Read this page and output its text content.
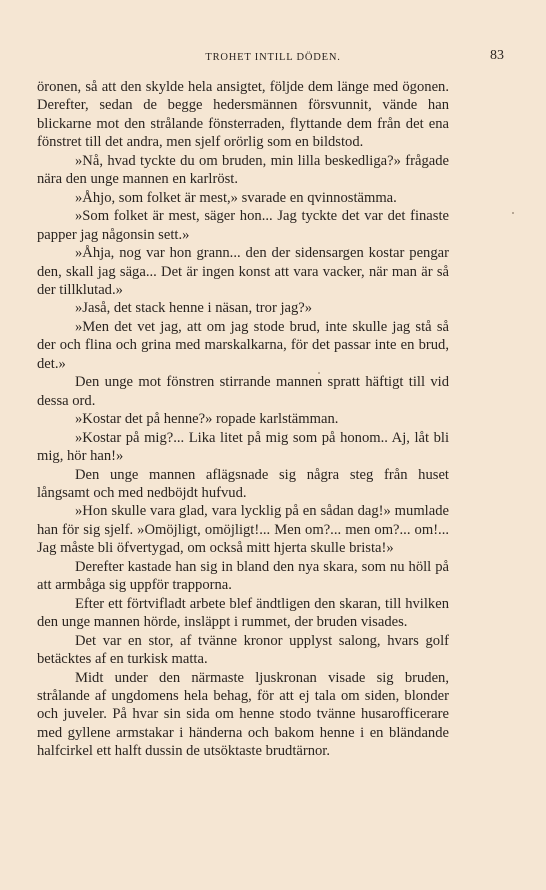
TROHET INTILL DÖDEN.	83

öronen, så att den skylde hela ansigtet, följde dem länge med ögonen. Derefter, sedan de begge hedersmännen försvunnit, vände han blickarne mot den strålande fönsterraden, flyttande dem från det ena fönstret till det andra, men sjelf orörlig som en bildstod.

»Nå, hvad tyckte du om bruden, min lilla beskedliga?» frågade nära den unge mannen en karlröst.

»Åhjo, som folket är mest,» svarade en qvinnostämma.

»Som folket är mest, säger hon... Jag tyckte det var det finaste papper jag någonsin sett.»

»Åhja, nog var hon grann... den der sidensargen kostar pengar den, skall jag säga... Det är ingen konst att vara vacker, när man är så der tillklutad.»

»Jaså, det stack henne i näsan, tror jag?»

»Men det vet jag, att om jag stode brud, inte skulle jag stå så der och flina och grina med marskalkarna, för det passar inte en brud, det.»

Den unge mot fönstren stirrande mannen spratt häftigt till vid dessa ord.

»Kostar det på henne?» ropade karlstämman.

»Kostar på mig?... Lika litet på mig som på honom.. Aj, låt bli mig, hör han!»

Den unge mannen aflägsnade sig några steg från huset långsamt och med nedböjdt hufvud.

»Hon skulle vara glad, vara lycklig på en sådan dag!» mumlade han för sig sjelf. »Omöjligt, omöjligt!... Men om?... men om?... om!... Jag måste bli öfvertygad, om också mitt hjerta skulle brista!»

Derefter kastade han sig in bland den nya skara, som nu höll på att armbåga sig uppför trapporna.

Efter ett förtvifladt arbete blef ändtligen den skaran, till hvilken den unge mannen hörde, insläppt i rummet, der bruden visades.

Det var en stor, af tvänne kronor upplyst salong, hvars golf betäcktes af en turkisk matta.

Midt under den närmaste ljuskronan visade sig bruden, strålande af ungdomens hela behag, för att ej tala om siden, blonder och juveler. På hvar sin sida om henne stodo tvänne husarofficerare med gyllene armstakar i händerna och bakom henne i en bländande halfcirkel ett halft dussin de utsöktaste brudtärnor.
